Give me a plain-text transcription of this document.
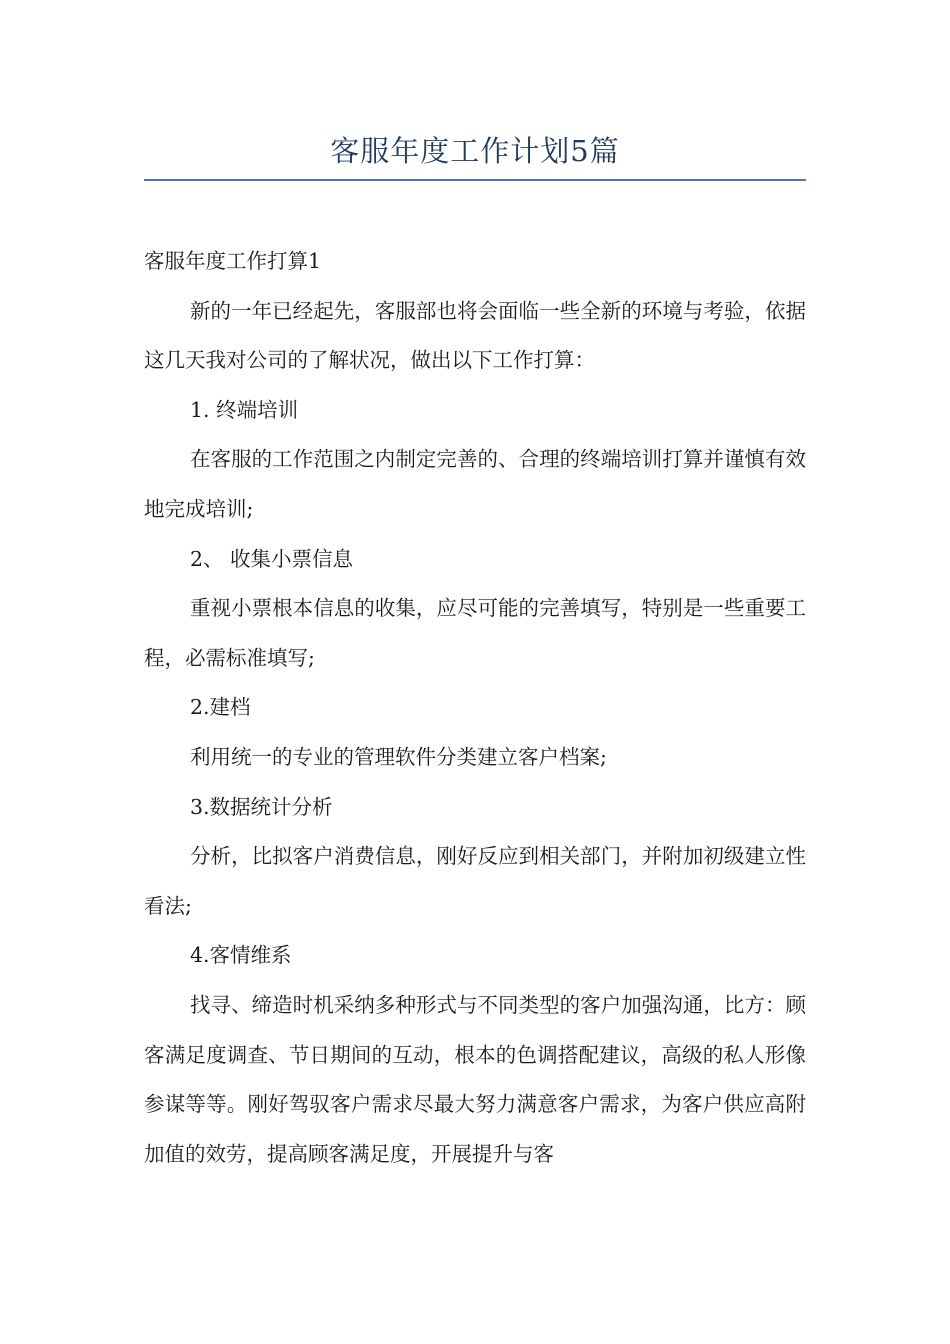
客服年度工作计划5篇

客服年度工作打算1

新的一年已经起先，客服部也将会面临一些全新的环境与考验，依据这几天我对公司的了解状况，做出以下工作打算：

1. 终端培训

在客服的工作范围之内制定完善的、合理的终端培训打算并谨慎有效地完成培训;

2、 收集小票信息

重视小票根本信息的收集，应尽可能的完善填写，特别是一些重要工程，必需标准填写;

2.建档

利用统一的专业的管理软件分类建立客户档案;

3.数据统计分析

分析，比拟客户消费信息，刚好反应到相关部门，并附加初级建立性看法;

4.客情维系

找寻、缔造时机采纳多种形式与不同类型的客户加强沟通，比方：顾客满足度调查、节日期间的互动，根本的色调搭配建议，高级的私人形像参谋等等。刚好驾驭客户需求尽最大努力满意客户需求，为客户供应高附加值的效劳，提高顾客满足度，开展提升与客
